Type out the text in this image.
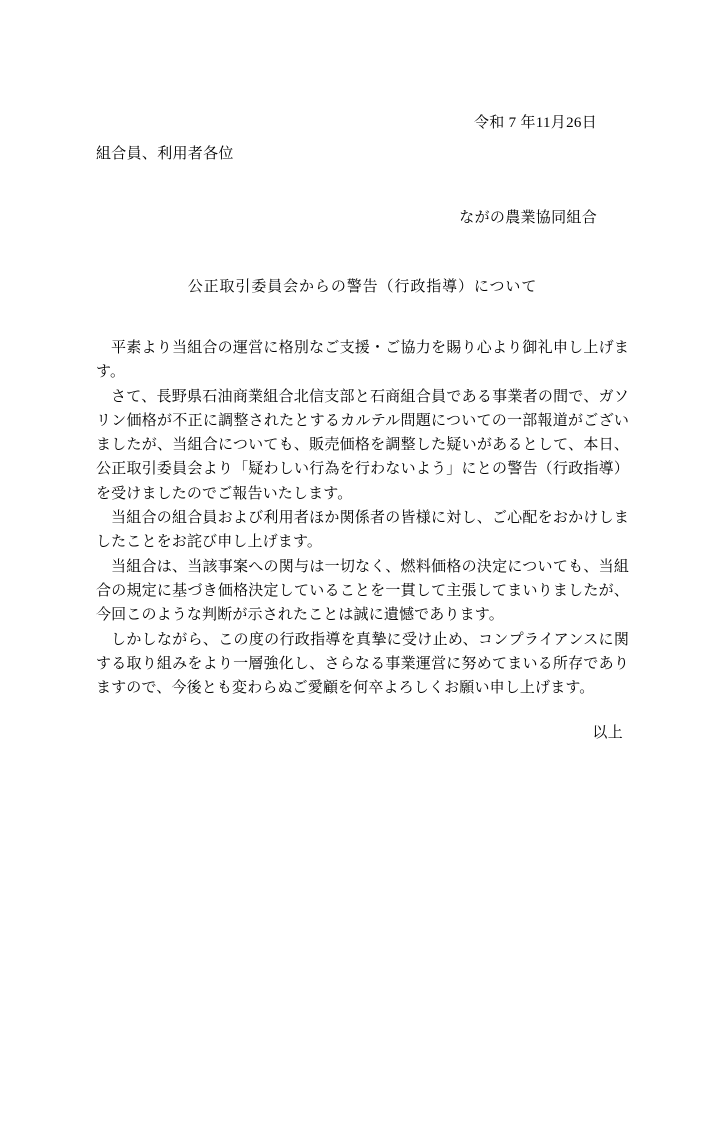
令和 7 年11月26日
組合員、利用者各位
ながの農業協同組合
公正取引委員会からの警告（行政指導）について

平素より当組合の運営に格別なご支援・ご協力を賜り心より御礼申し上げます。

さて、長野県石油商業組合北信支部と石商組合員である事業者の間で、ガソリン価格が不正に調整されたとするカルテル問題についての一部報道がございましたが、当組合についても、販売価格を調整した疑いがあるとして、本日、公正取引委員会より「疑わしい行為を行わないよう」にとの警告（行政指導）を受けましたのでご報告いたします。

当組合の組合員および利用者ほか関係者の皆様に対し、ご心配をおかけしましたことをお詫び申し上げます。

当組合は、当該事案への関与は一切なく、燃料価格の決定についても、当組合の規定に基づき価格決定していることを一貫して主張してまいりましたが、今回このような判断が示されたことは誠に遺憾であります。

しかしながら、この度の行政指導を真摯に受け止め、コンプライアンスに関する取り組みをより一層強化し、さらなる事業運営に努めてまいる所存でありますので、今後とも変わらぬご愛顧を何卒よろしくお願い申し上げます。

以上
